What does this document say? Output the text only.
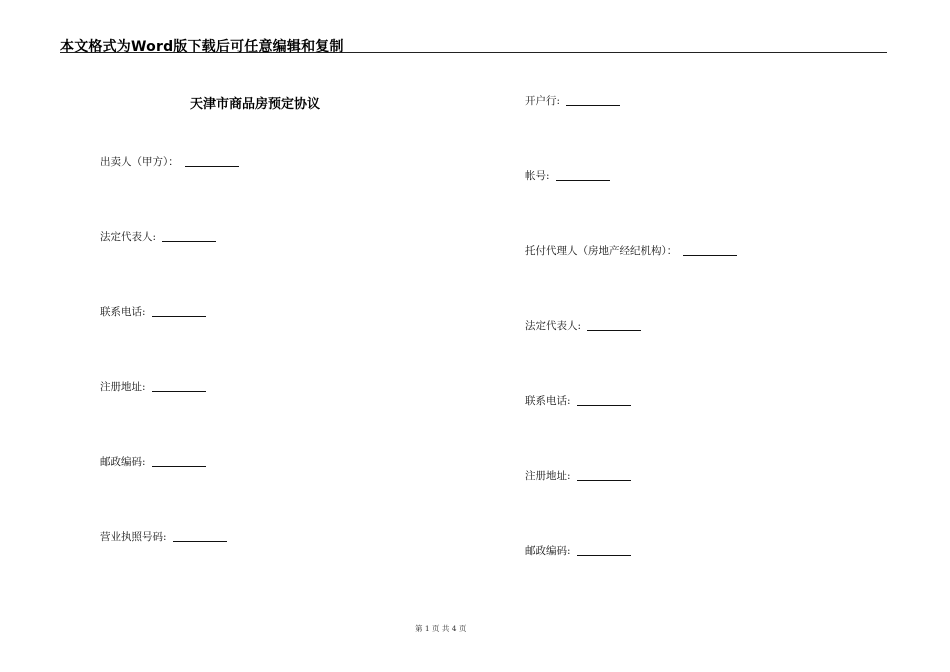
本文格式为Word版下载后可任意编辑和复制
天津市商品房预定协议
出卖人（甲方）：
法定代表人:
联系电话:
注册地址:
邮政编码:
营业执照号码:
开户行:
帐号:
托付代理人（房地产经纪机构）：
法定代表人:
联系电话:
注册地址:
邮政编码:
第 1 页 共 4 页
